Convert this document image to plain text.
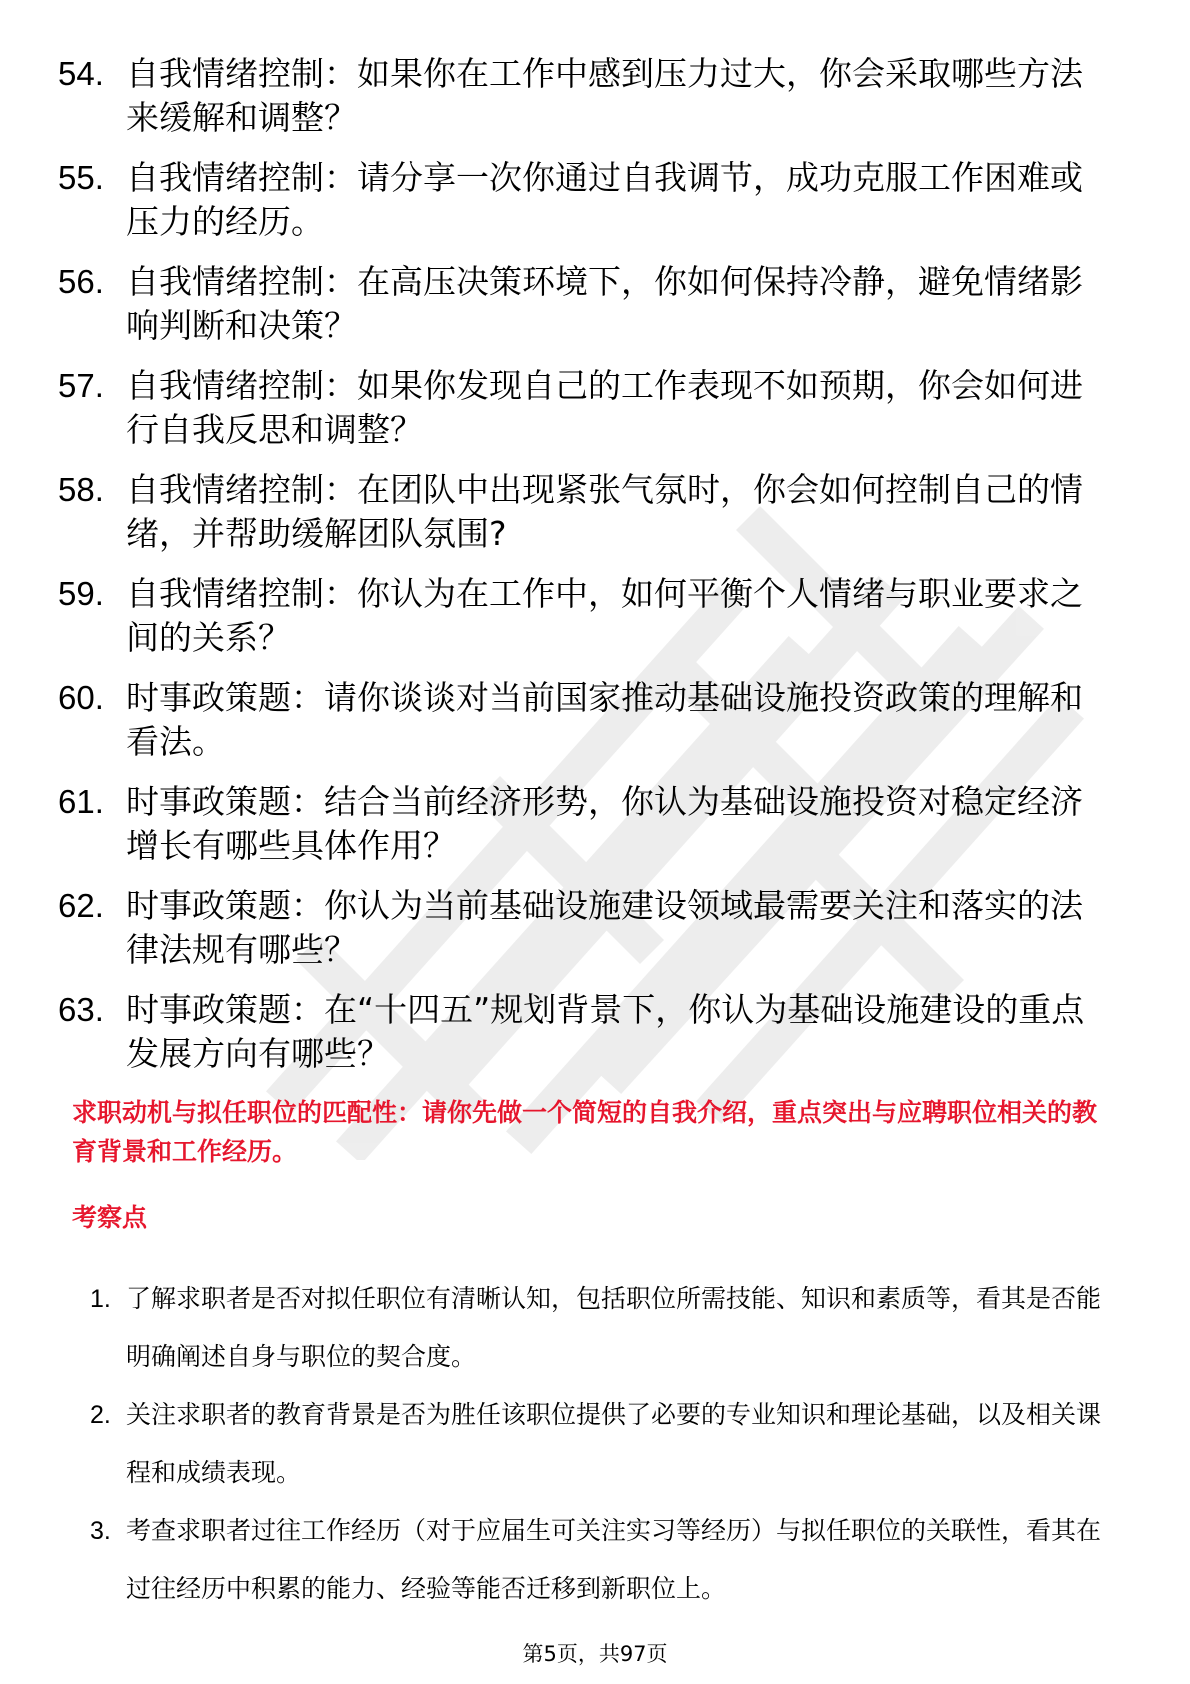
54. 自我情绪控制：如果你在工作中感到压力过大，你会采取哪些方法来缓解和调整？
55. 自我情绪控制：请分享一次你通过自我调节，成功克服工作困难或压力的经历。
56. 自我情绪控制：在高压决策环境下，你如何保持冷静，避免情绪影响判断和决策？
57. 自我情绪控制：如果你发现自己的工作表现不如预期，你会如何进行自我反思和调整？
58. 自我情绪控制：在团队中出现紧张气氛时，你会如何控制自己的情绪，并帮助缓解团队氛围?
59. 自我情绪控制：你认为在工作中，如何平衡个人情绪与职业要求之间的关系？
60. 时事政策题：请你谈谈对当前国家推动基础设施投资政策的理解和看法。
61. 时事政策题：结合当前经济形势，你认为基础设施投资对稳定经济增长有哪些具体作用？
62. 时事政策题：你认为当前基础设施建设领域最需要关注和落实的法律法规有哪些？
63. 时事政策题：在“十四五”规划背景下，你认为基础设施建设的重点发展方向有哪些？
求职动机与拟任职位的匹配性：请你先做一个简短的自我介绍，重点突出与应聘职位相关的教育背景和工作经历。
考察点
1. 了解求职者是否对拟任职位有清晰认知，包括职位所需技能、知识和素质等，看其是否能明确阐述自身与职位的契合度。
2. 关注求职者的教育背景是否为胜任该职位提供了必要的专业知识和理论基础，以及相关课程和成绩表现。
3. 考查求职者过往工作经历（对于应届生可关注实习等经历）与拟任职位的关联性，看其在过往经历中积累的能力、经验等能否迁移到新职位上。
第5页，共97页
